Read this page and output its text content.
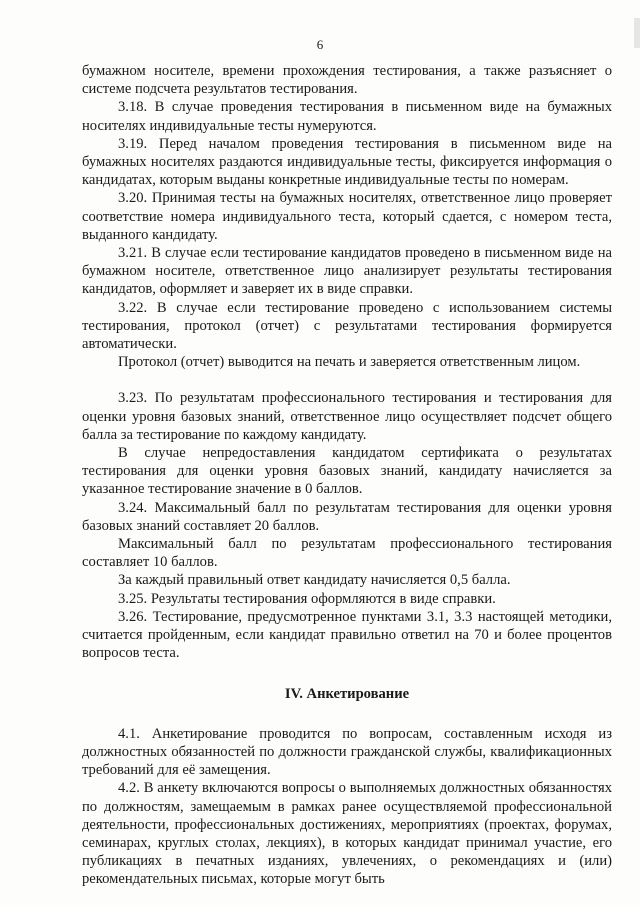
6

бумажном носителе, времени прохождения тестирования, а также разъясняет о системе подсчета результатов тестирования.

3.18. В случае проведения тестирования в письменном виде на бумажных носителях индивидуальные тесты нумеруются.

3.19. Перед началом проведения тестирования в письменном виде на бумажных носителях раздаются индивидуальные тесты, фиксируется информация о кандидатах, которым выданы конкретные индивидуальные тесты по номерам.

3.20. Принимая тесты на бумажных носителях, ответственное лицо проверяет соответствие номера индивидуального теста, который сдается, с номером теста, выданного кандидату.

3.21. В случае если тестирование кандидатов проведено в письменном виде на бумажном носителе, ответственное лицо анализирует результаты тестирования кандидатов, оформляет и заверяет их в виде справки.

3.22. В случае если тестирование проведено с использованием системы тестирования, протокол (отчет) с результатами тестирования формируется автоматически.

Протокол (отчет) выводится на печать и заверяется ответственным лицом.

3.23. По результатам профессионального тестирования и тестирования для оценки уровня базовых знаний, ответственное лицо осуществляет подсчет общего балла за тестирование по каждому кандидату.

В случае непредоставления кандидатом сертификата о результатах тестирования для оценки уровня базовых знаний, кандидату начисляется за указанное тестирование значение в 0 баллов.

3.24. Максимальный балл по результатам тестирования для оценки уровня базовых знаний составляет 20 баллов.

Максимальный балл по результатам профессионального тестирования составляет 10 баллов.

За каждый правильный ответ кандидату начисляется 0,5 балла.

3.25. Результаты тестирования оформляются в виде справки.

3.26. Тестирование, предусмотренное пунктами 3.1, 3.3 настоящей методики, считается пройденным, если кандидат правильно ответил на 70 и более процентов вопросов теста.

IV. Анкетирование

4.1. Анкетирование проводится по вопросам, составленным исходя из должностных обязанностей по должности гражданской службы, квалификационных требований для её замещения.

4.2. В анкету включаются вопросы о выполняемых должностных обязанностях по должностям, замещаемым в рамках ранее осуществляемой профессиональной деятельности, профессиональных достижениях, мероприятиях (проектах, форумах, семинарах, круглых столах, лекциях), в которых кандидат принимал участие, его публикациях в печатных изданиях, увлечениях, о рекомендациях и (или) рекомендательных письмах, которые могут быть
